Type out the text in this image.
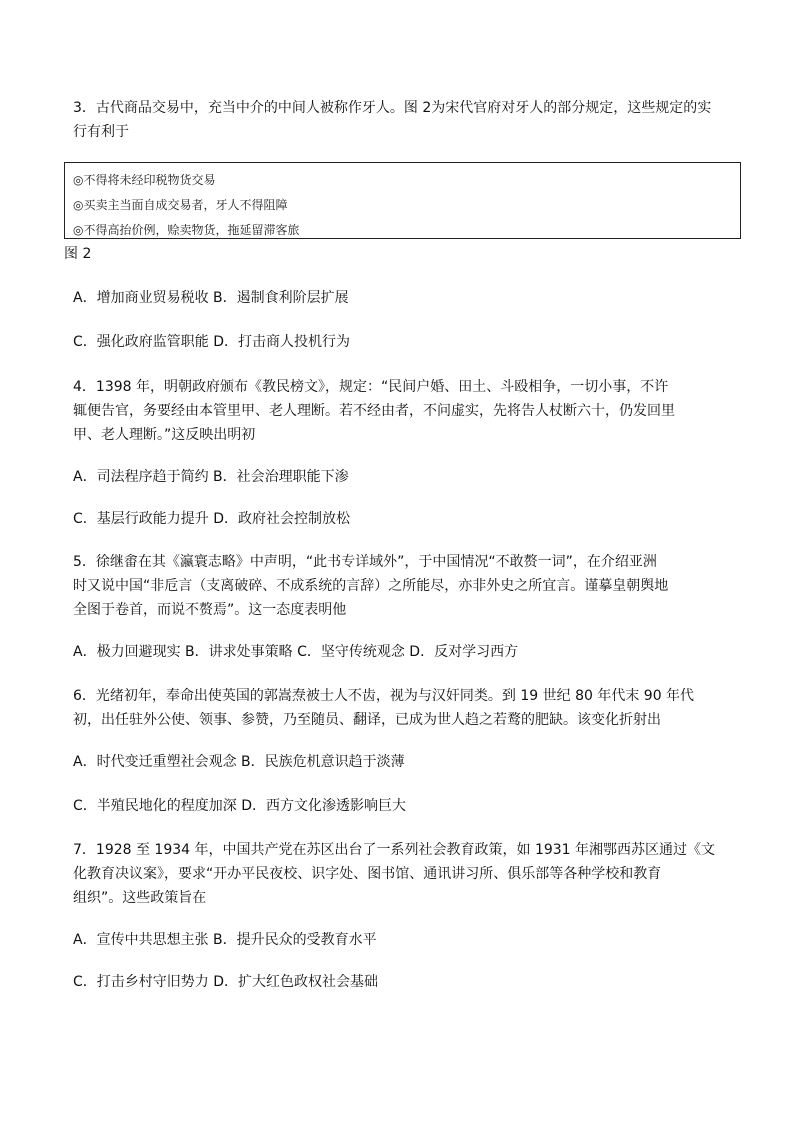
3．古代商品交易中，充当中介的中间人被称作牙人。图 2为宋代官府对牙人的部分规定，这些规定的实行有利于

◎不得将未经印税物货交易
◎买卖主当面自成交易者，牙人不得阻障
◎不得高抬价例，赊卖物货，拖延留滞客旅

图 2

A．增加商业贸易税收 B．遏制食利阶层扩展

C．强化政府监管职能 D．打击商人投机行为

4．1398 年，明朝政府颁布《教民榜文》，规定：“民间户婚、田土、斗殴相争，一切小事，不许

辄便告官，务要经由本管里甲、老人理断。若不经由者，不问虚实，先将告人杖断六十，仍发回里

甲、老人理断。”这反映出明初

A．司法程序趋于简约 B．社会治理职能下渗

C．基层行政能力提升 D．政府社会控制放松

5．徐继畬在其《瀛寰志略》中声明，“此书专详域外”，于中国情况“不敢赘一词”，在介绍亚洲

时又说中国“非卮言（支离破碎、不成系统的言辞）之所能尽，亦非外史之所宜言。谨摹皇朝舆地

全图于卷首，而说不赘焉”。这一态度表明他

A．极力回避现实 B．讲求处事策略 C．坚守传统观念 D．反对学习西方

6．光绪初年，奉命出使英国的郭嵩焘被士人不齿，视为与汉奸同类。到 19 世纪 80 年代末 90 年代

初，出任驻外公使、领事、参赞，乃至随员、翻译，已成为世人趋之若鹜的肥缺。该变化折射出

A．时代变迁重塑社会观念 B．民族危机意识趋于淡薄

C．半殖民地化的程度加深 D．西方文化渗透影响巨大

7．1928 至 1934 年，中国共产党在苏区出台了一系列社会教育政策，如 1931 年湘鄂西苏区通过《文

化教育决议案》，要求“开办平民夜校、识字处、图书馆、通讯讲习所、俱乐部等各种学校和教育

组织”。这些政策旨在

A．宣传中共思想主张 B．提升民众的受教育水平

C．打击乡村守旧势力 D．扩大红色政权社会基础
